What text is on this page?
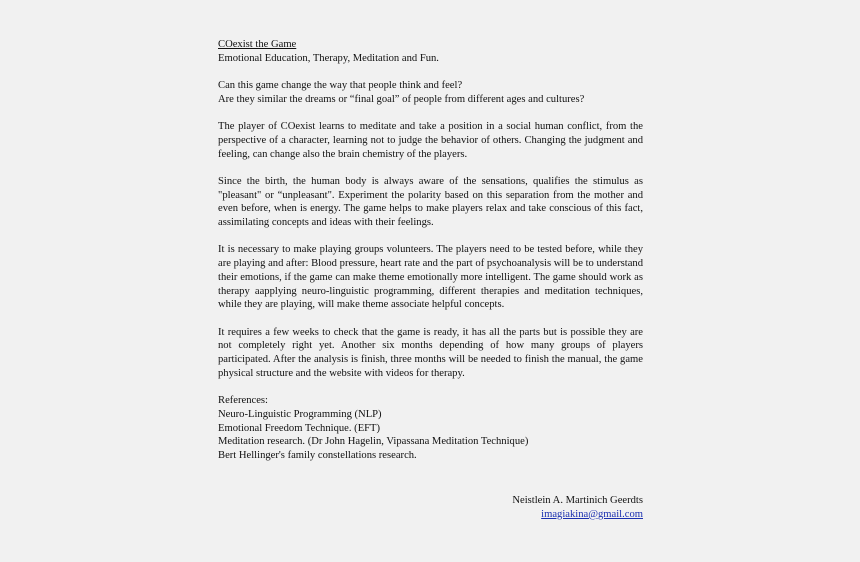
COexist the Game
Emotional Education, Therapy, Meditation and Fun.

Can this game change the way that people think and feel?
Are they similar the dreams or “final goal” of people from different ages and cultures?

The player of COexist learns to meditate and take a position in a social human conflict, from the perspective of a character, learning not to judge the behavior of others. Changing the judgment and feeling, can change also the brain chemistry of the players.

Since the birth, the human body is always aware of the sensations, qualifies the stimulus as "pleasant" or “unpleasant". Experiment the polarity based on this separation from the mother and even before, when is energy. The game helps to make players relax and take conscious of this fact, assimilating concepts and ideas with their feelings.

It is necessary to make playing groups volunteers. The players need to be tested before, while they are playing and after: Blood pressure, heart rate and the part of psychoanalysis will be to understand their emotions, if the game can make theme emotionally more intelligent. The game should work as therapy aapplying neuro-linguistic programming, different therapies and meditation techniques, while they are playing, will make theme associate helpful concepts.

It requires a few weeks to check that the game is ready, it has all the parts but is possible they are not completely right yet. Another six months depending of how many groups of players participated. After the analysis is finish, three months will be needed to finish the manual, the game physical structure and the website with videos for therapy.

References:
Neuro-Linguistic Programming (NLP)
Emotional Freedom Technique. (EFT)
Meditation research. (Dr John Hagelin, Vipassana Meditation Technique)
Bert Hellinger's family constellations research.

Neistlein A. Martinich Geerdts
imagiakina@gmail.com
